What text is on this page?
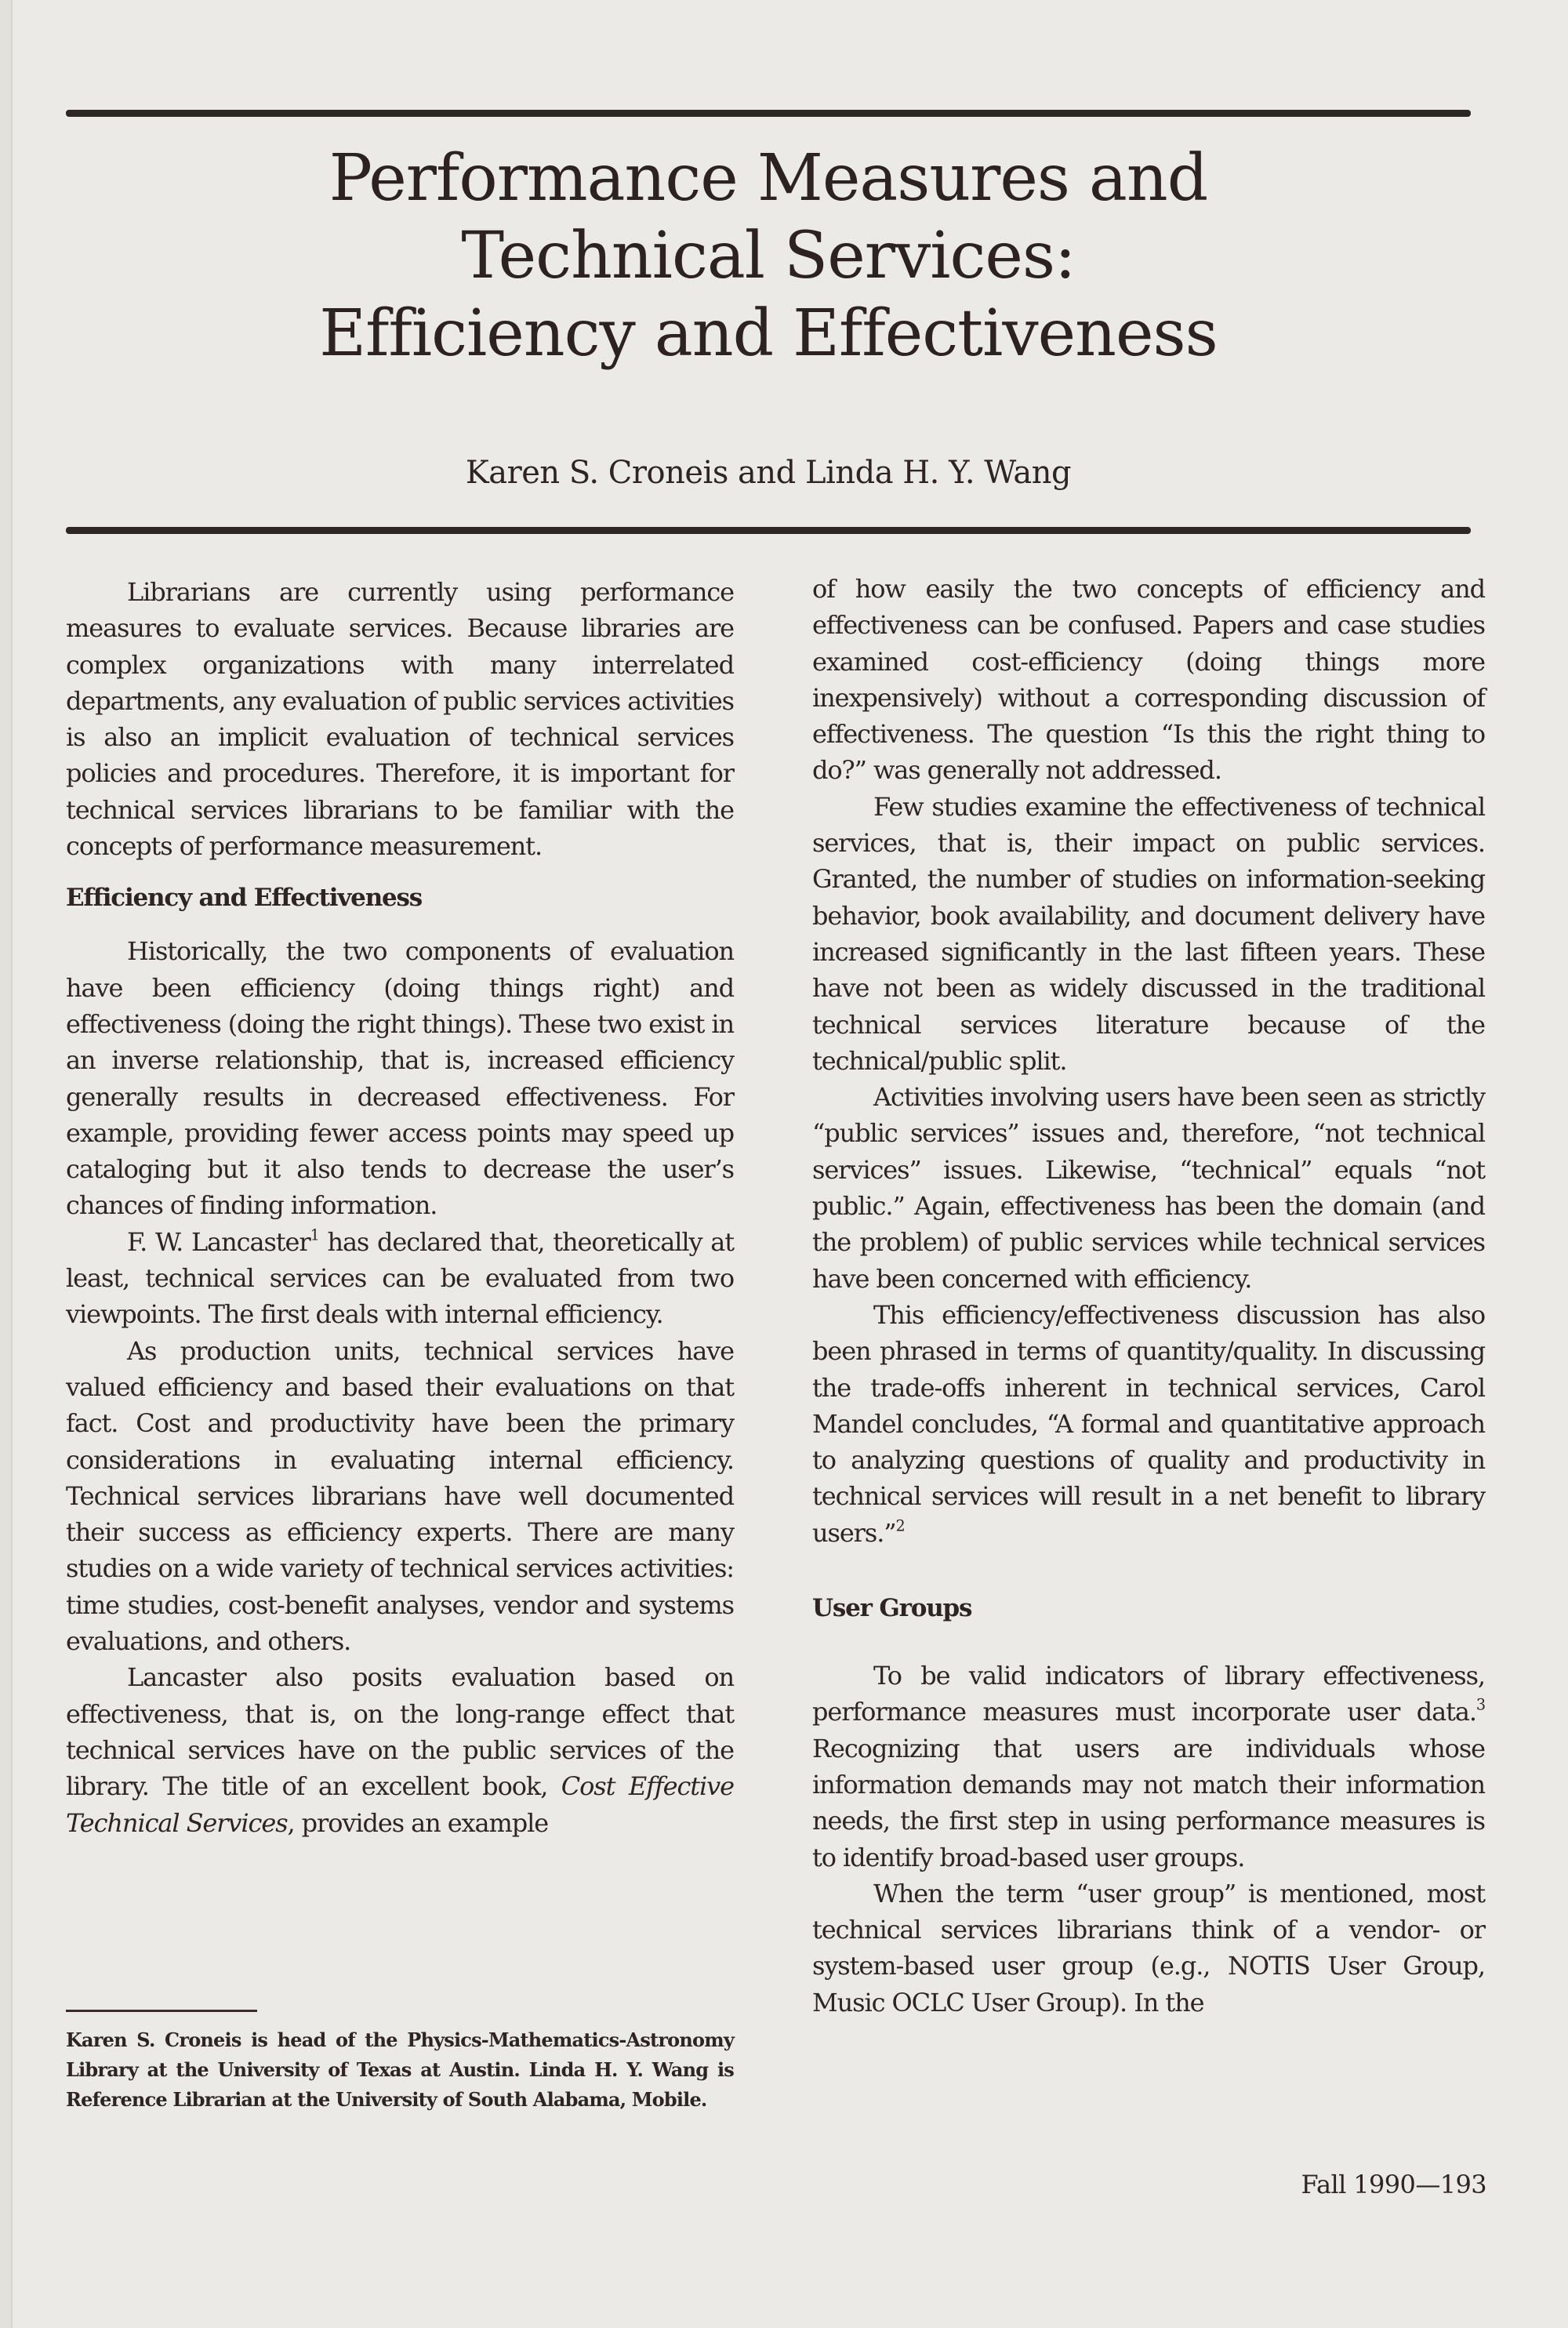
Performance Measures and
Technical Services:
Efficiency and Effectiveness

Karen S. Croneis and Linda H. Y. Wang

Librarians are currently using performance measures to evaluate services. Because libraries are complex organizations with many interrelated departments, any evaluation of public services activities is also an implicit evaluation of technical services policies and procedures. Therefore, it is important for technical services librarians to be familiar with the concepts of performance measurement.

Efficiency and Effectiveness

Historically, the two components of evaluation have been efficiency (doing things right) and effectiveness (doing the right things). These two exist in an inverse relationship, that is, increased efficiency generally results in decreased effectiveness. For example, providing fewer access points may speed up cataloging but it also tends to decrease the user’s chances of finding information.

F. W. Lancaster$^1$ has declared that, theoretically at least, technical services can be evaluated from two viewpoints. The first deals with internal efficiency.

As production units, technical services have valued efficiency and based their evaluations on that fact. Cost and productivity have been the primary considerations in evaluating internal efficiency. Technical services librarians have well documented their success as efficiency experts. There are many studies on a wide variety of technical services activities: time studies, cost-benefit analyses, vendor and systems evaluations, and others.

Lancaster also posits evaluation based on effectiveness, that is, on the long-range effect that technical services have on the public services of the library. The title of an excellent book, Cost Effective Technical Services, provides an example

Karen S. Croneis is head of the Physics-Mathematics-Astronomy Library at the University of Texas at Austin. Linda H. Y. Wang is Reference Librarian at the University of South Alabama, Mobile.

of how easily the two concepts of efficiency and effectiveness can be confused. Papers and case studies examined cost-efficiency (doing things more inexpensively) without a corresponding discussion of effectiveness. The question “Is this the right thing to do?” was generally not addressed.

Few studies examine the effectiveness of technical services, that is, their impact on public services. Granted, the number of studies on information-seeking behavior, book availability, and document delivery have increased significantly in the last fifteen years. These have not been as widely discussed in the traditional technical services literature because of the technical/public split.

Activities involving users have been seen as strictly “public services” issues and, therefore, “not technical services” issues. Likewise, “technical” equals “not public.” Again, effectiveness has been the domain (and the problem) of public services while technical services have been concerned with efficiency.

This efficiency/effectiveness discussion has also been phrased in terms of quantity/quality. In discussing the trade-offs inherent in technical services, Carol Mandel concludes, “A formal and quantitative approach to analyzing questions of quality and productivity in technical services will result in a net benefit to library users.”$^2$

User Groups

To be valid indicators of library effectiveness, performance measures must incorporate user data.$^3$ Recognizing that users are individuals whose information demands may not match their information needs, the first step in using performance measures is to identify broad-based user groups.

When the term “user group” is mentioned, most technical services librarians think of a vendor- or system-based user group (e.g., NOTIS User Group, Music OCLC User Group). In the

Fall 1990—193
